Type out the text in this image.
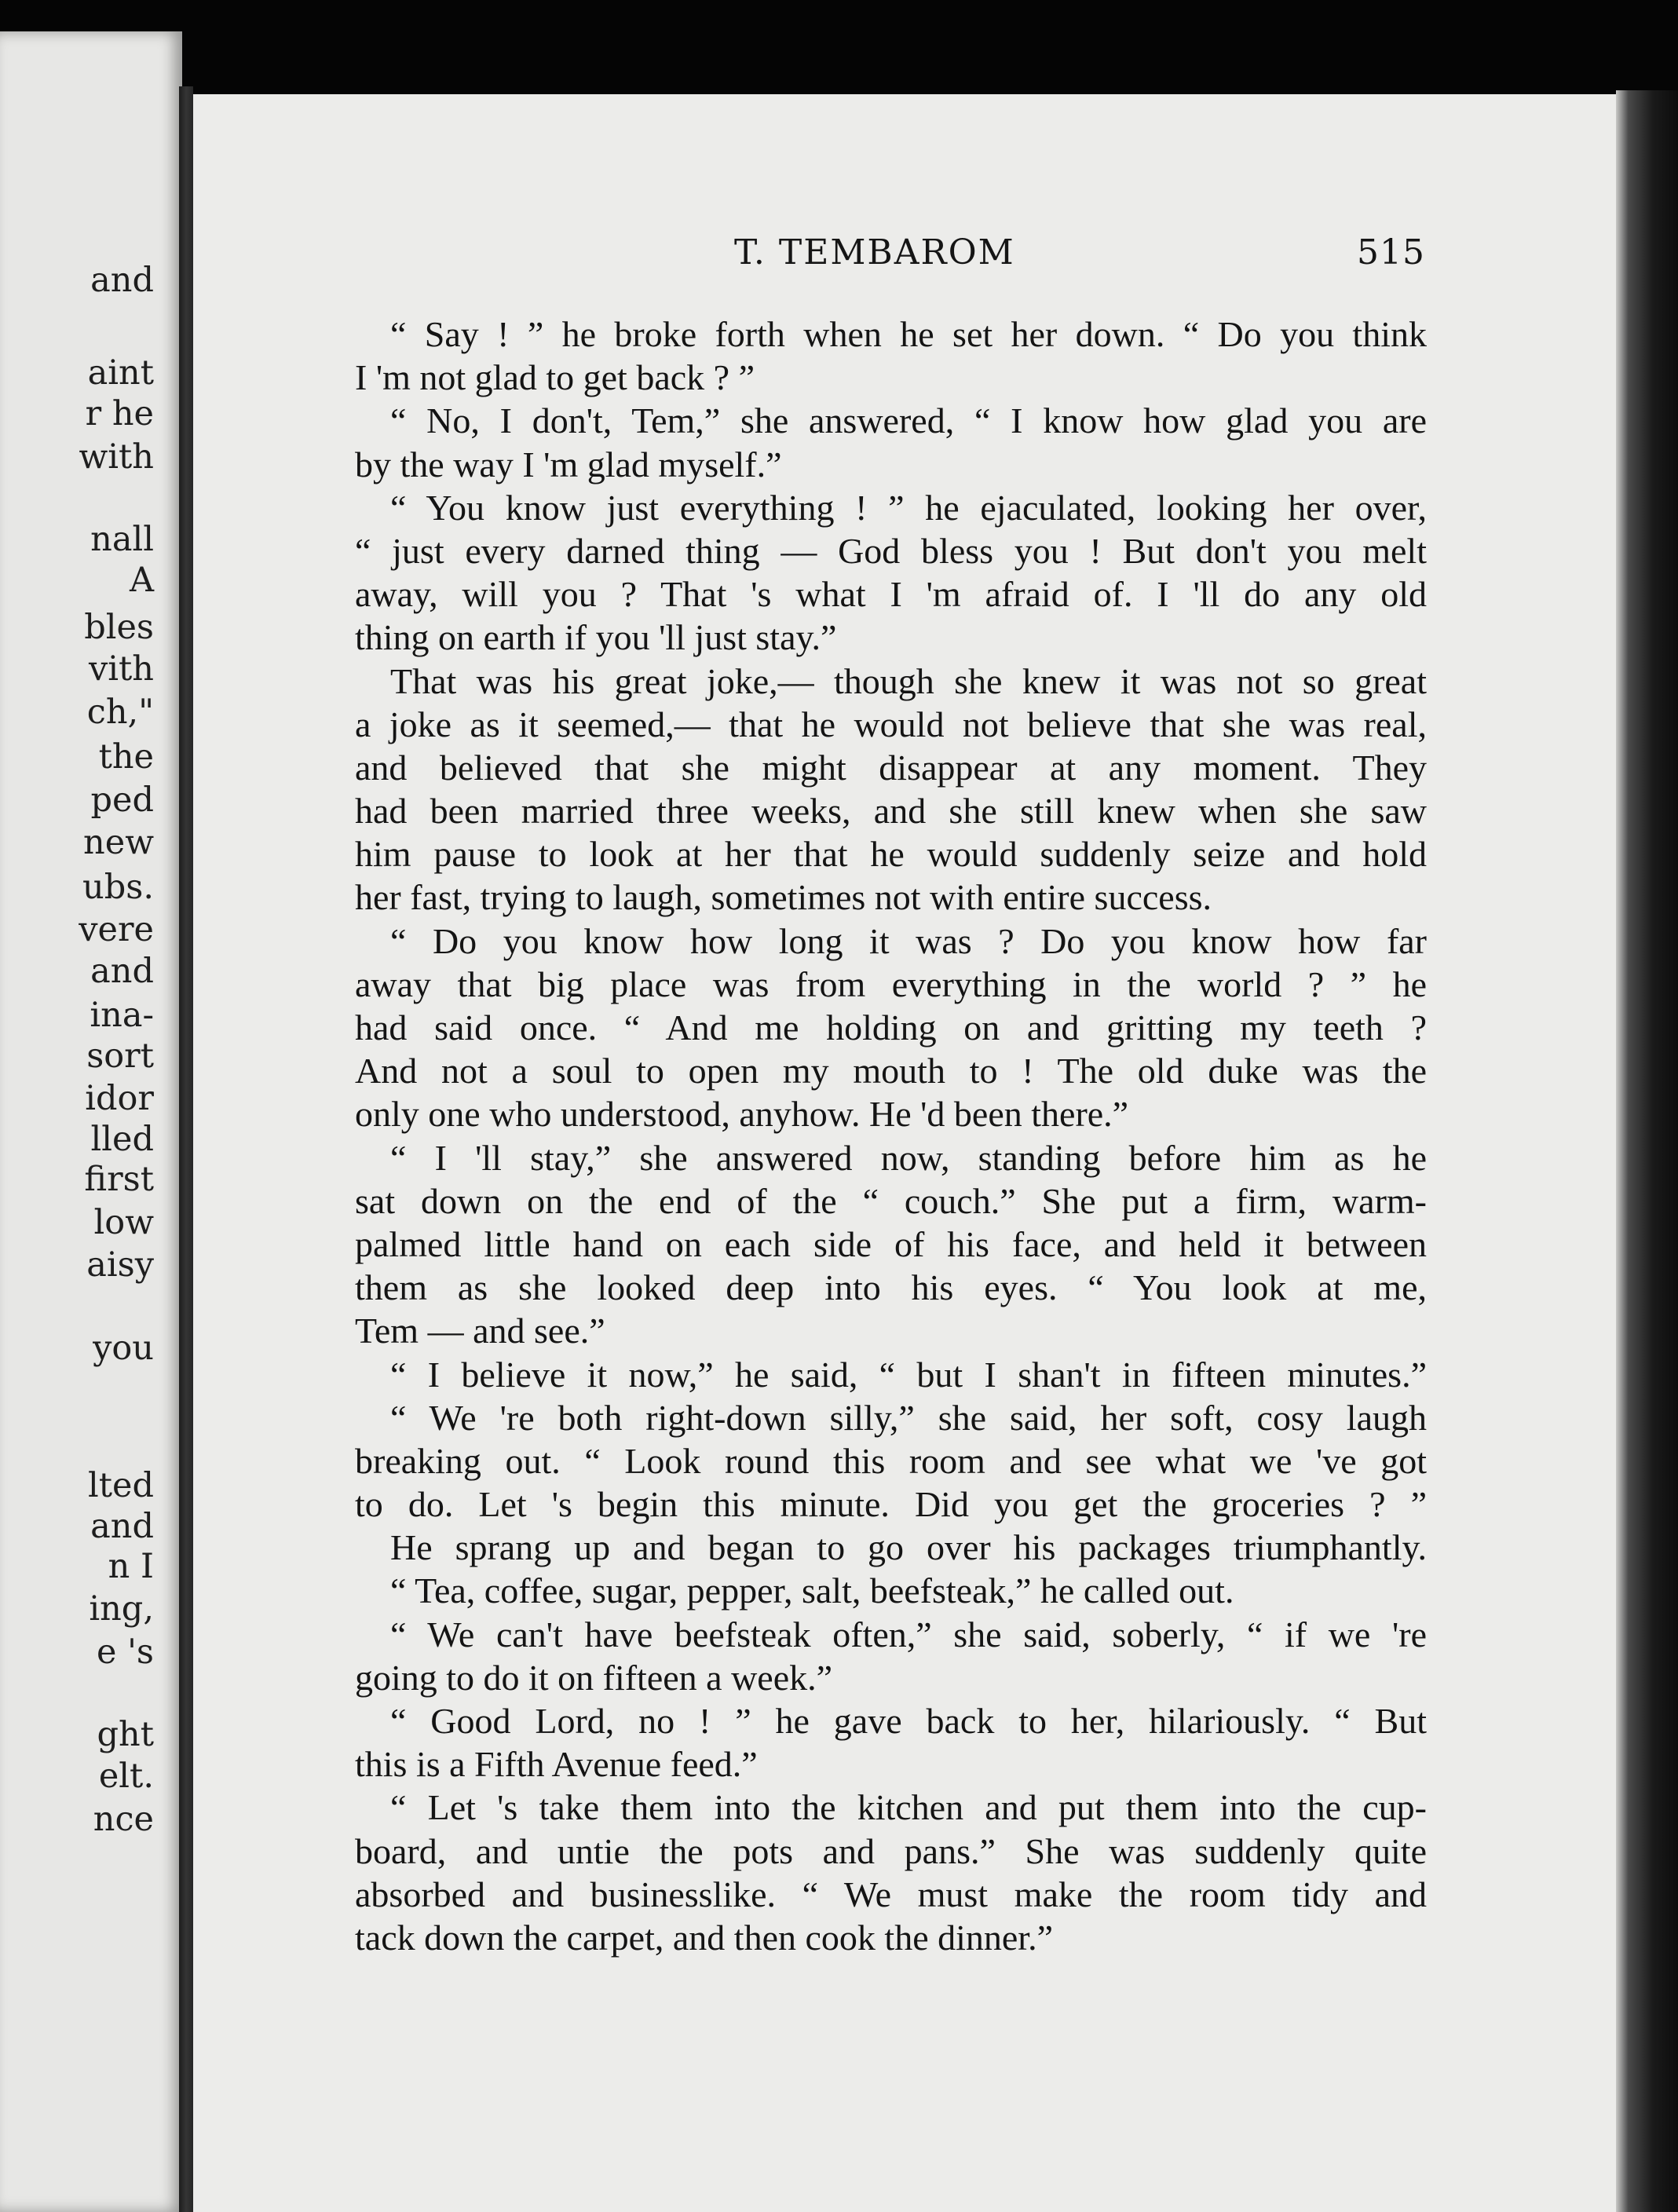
and
aint
r he
with
nall
A
bles
vith
ch,"
the
ped
new
ubs.
vere
and
ina-
sort
idor
lled
first
low
aisy
you
lted
and
n I
ing,
e 's
ght
elt.
nce
T. TEMBAROM	515
“ Say ! ” he broke forth when he set her down. “ Do you think
I 'm not glad to get back ? ”
“ No, I don't, Tem,” she answered, “ I know how glad you are
by the way I 'm glad myself.”
“ You know just everything ! ” he ejaculated, looking her over,
“ just every darned thing — God bless you ! But don't you melt
away, will you ? That 's what I 'm afraid of. I 'll do any old
thing on earth if you 'll just stay.”
That was his great joke,— though she knew it was not so great
a joke as it seemed,— that he would not believe that she was real,
and believed that she might disappear at any moment. They
had been married three weeks, and she still knew when she saw
him pause to look at her that he would suddenly seize and hold
her fast, trying to laugh, sometimes not with entire success.
“ Do you know how long it was ? Do you know how far
away that big place was from everything in the world ? ” he
had said once. “ And me holding on and gritting my teeth ?
And not a soul to open my mouth to ! The old duke was the
only one who understood, anyhow. He 'd been there.”
“ I 'll stay,” she answered now, standing before him as he
sat down on the end of the “ couch.” She put a firm, warm-
palmed little hand on each side of his face, and held it between
them as she looked deep into his eyes. “ You look at me,
Tem — and see.”
“ I believe it now,” he said, “ but I shan't in fifteen minutes.”
“ We 're both right-down silly,” she said, her soft, cosy laugh
breaking out. “ Look round this room and see what we 've got
to do. Let 's begin this minute. Did you get the groceries ? ”
He sprang up and began to go over his packages triumphantly.
“ Tea, coffee, sugar, pepper, salt, beefsteak,” he called out.
“ We can't have beefsteak often,” she said, soberly, “ if we 're
going to do it on fifteen a week.”
“ Good Lord, no ! ” he gave back to her, hilariously. “ But
this is a Fifth Avenue feed.”
“ Let 's take them into the kitchen and put them into the cup-
board, and untie the pots and pans.” She was suddenly quite
absorbed and businesslike. “ We must make the room tidy and
tack down the carpet, and then cook the dinner.”
